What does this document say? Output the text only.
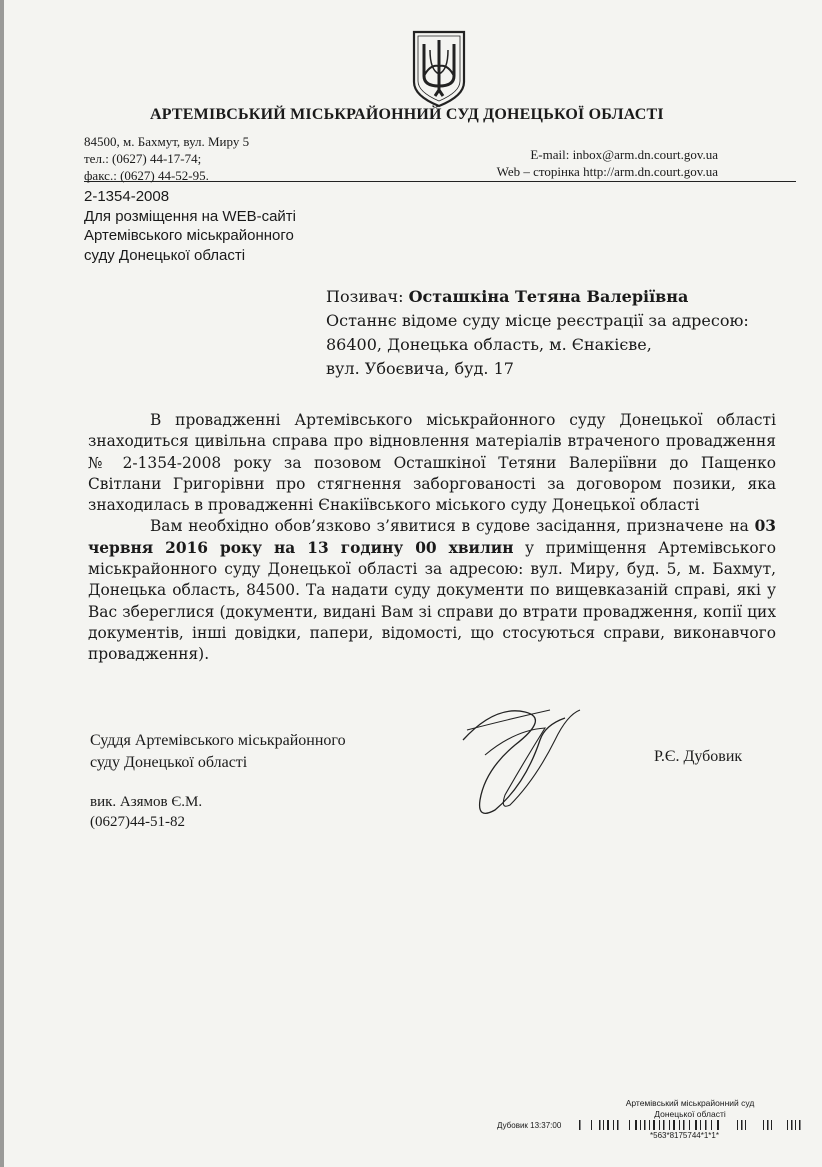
АРТЕМІВСЬКИЙ МІСЬКРАЙОННИЙ СУД ДОНЕЦЬКОЇ ОБЛАСТІ
84500, м. Бахмут, вул. Миру 5
тел.: (0627) 44-17-74;
факс.: (0627) 44-52-95.
E-mail: inbox@arm.dn.court.gov.ua
Web – сторінка http://arm.dn.court.gov.ua
2-1354-2008
Для розміщення на WEB-сайті
Артемівського міськрайонного
суду Донецької області
Позивач: Осташкіна Тетяна Валеріївна
Останнє відоме суду місце реєстрації за адресою:
86400, Донецька область, м. Єнакієве,
вул. Убоєвича, буд. 17

В провадженні Артемівського міськрайонного суду Донецької області знаходиться цивільна справа про відновлення матеріалів втраченого провадження № 2-1354-2008 року за позовом Осташкіної Тетяни Валеріївни до Пащенко Світлани Григорівни про стягнення заборгованості за договором позики, яка знаходилась в провадженні Єнакіївського міського суду Донецької області

Вам необхідно обов’язково з’явитися в судове засідання, призначене на 03 червня 2016 року на 13 годину 00 хвилин у приміщення Артемівського міськрайонного суду Донецької області за адресою: вул. Миру, буд. 5, м. Бахмут, Донецька область, 84500. Та надати суду документи по вищевказаній справі, які у Вас збереглися (документи, видані Вам зі справи до втрати провадження, копії цих документів, інші довідки, папери, відомості, що стосуються справи, виконавчого провадження).

Суддя Артемівського міськрайонного
суду Донецької області	Р.Є. Дубовик
вик. Азямов Є.М.
(0627)44-51-82
Артемівський міськрайонний суд
Донецької області
Дубовик 13:37:00
*563*8175744*1*1*
